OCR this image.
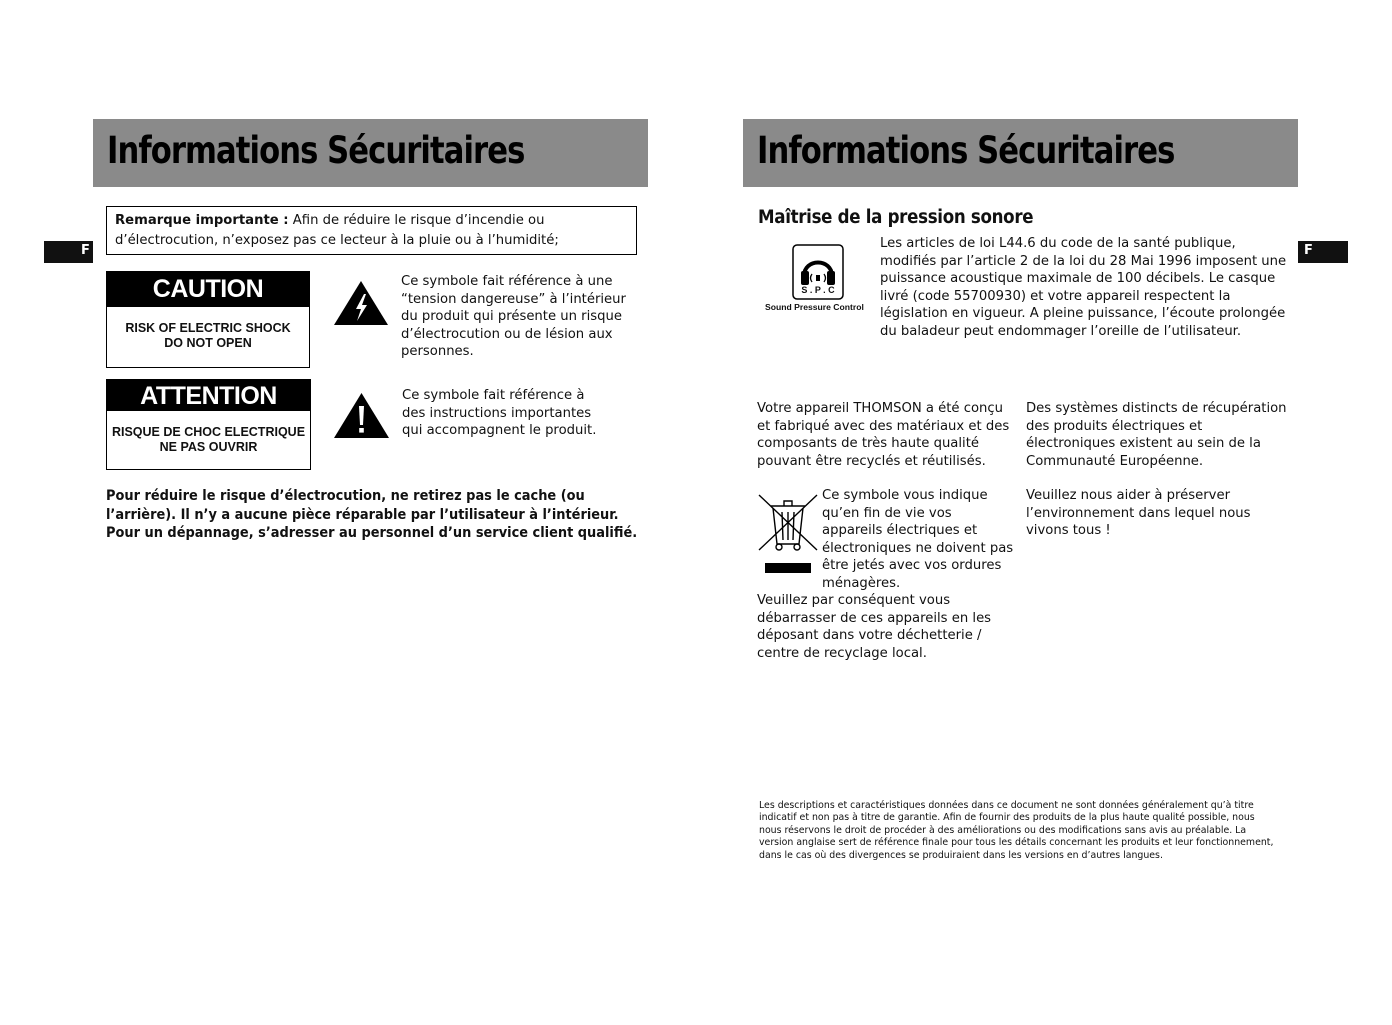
Informations Sécuritaires
F
Remarque importante : Afin de réduire le risque d’incendie ou d’électrocution, n’exposez pas ce lecteur à la pluie ou à l’humidité;
CAUTION
RISK OF ELECTRIC SHOCK
DO NOT OPEN
Ce symbole fait référence à une “tension dangereuse” à l’intérieur du produit qui présente un risque d’électrocution ou de lésion aux personnes.
ATTENTION
RISQUE DE CHOC ELECTRIQUE
NE PAS OUVRIR
Ce symbole fait référence à des instructions importantes qui accompagnent le produit.
Pour réduire le risque d’électrocution, ne retirez pas le cache (ou l’arrière). Il n’y a aucune pièce réparable par l’utilisateur à l’intérieur. Pour un dépannage, s’adresser au personnel d’un service client qualifié.
Informations Sécuritaires
F
Maîtrise de la pression sonore
S . P . C
Sound Pressure Control
Les articles de loi L44.6 du code de la santé publique, modifiés par l’article 2 de la loi du 28 Mai 1996 imposent une puissance acoustique maximale de 100 décibels. Le casque livré (code 55700930) et votre appareil respectent la législation en vigueur. A pleine puissance, l’écoute prolongée du baladeur peut endommager l’oreille de l’utilisateur.
Votre appareil THOMSON a été conçu et fabriqué avec des matériaux et des composants de très haute qualité pouvant être recyclés et réutilisés.
Ce symbole vous indique qu’en fin de vie vos appareils électriques et électroniques ne doivent pas être jetés avec vos ordures ménagères.
Veuillez par conséquent vous débarrasser de ces appareils en les déposant dans votre déchetterie / centre de recyclage local.
Des systèmes distincts de récupération des produits électriques et électroniques existent au sein de la Communauté Européenne.
Veuillez nous aider à préserver l’environnement dans lequel nous vivons tous !
Les descriptions et caractéristiques données dans ce document ne sont données généralement qu’à titre indicatif et non pas à titre de garantie. Afin de fournir des produits de la plus haute qualité possible, nous nous réservons le droit de procéder à des améliorations ou des modifications sans avis au préalable. La version anglaise sert de référence finale pour tous les détails concernant les produits et leur fonctionnement, dans le cas où des divergences se produiraient dans les versions en d’autres langues.
